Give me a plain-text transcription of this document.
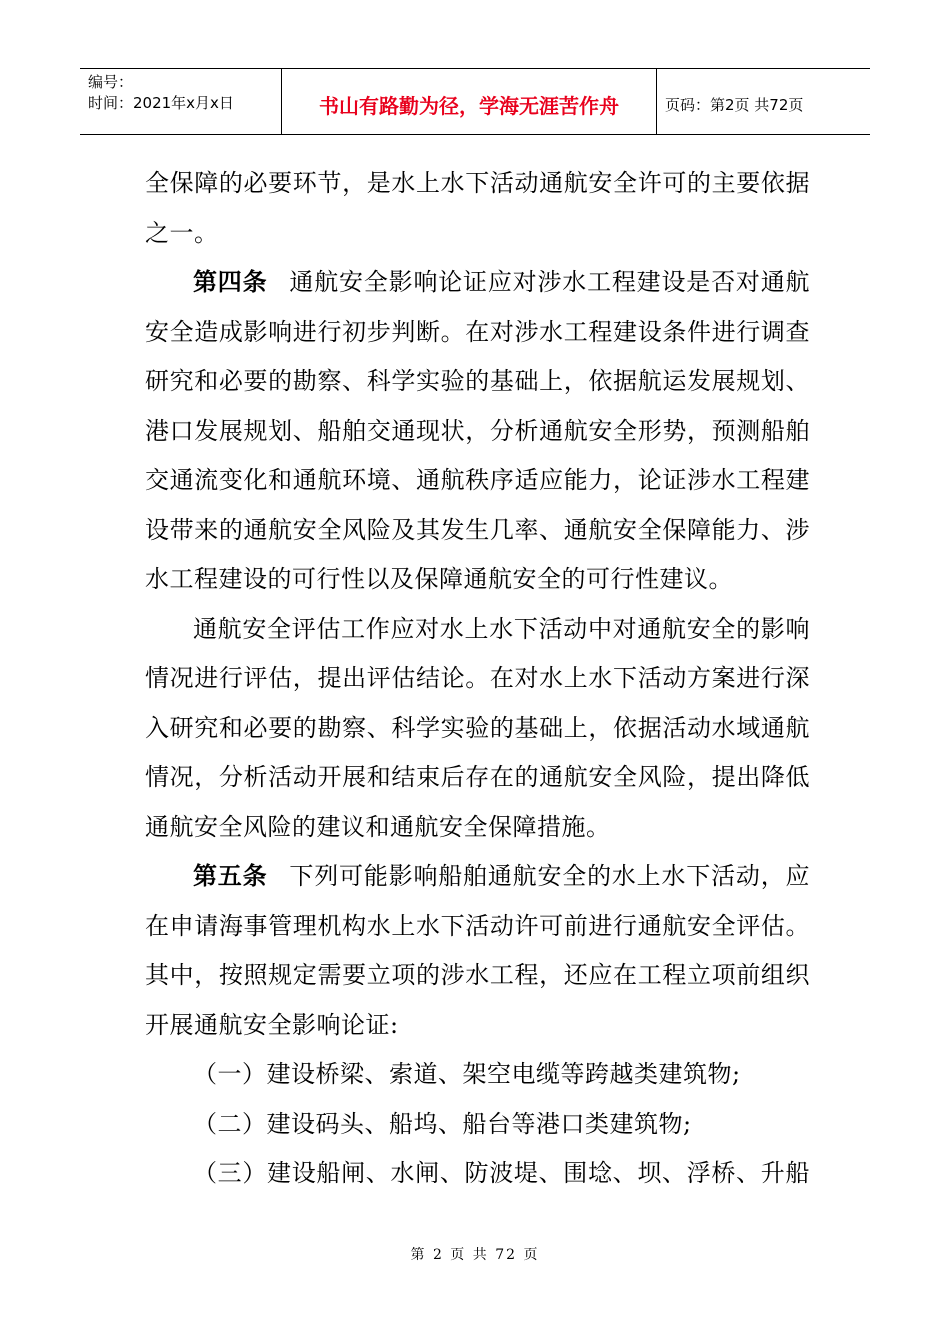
编号：
时间：2021年x月x日	书山有路勤为径，学海无涯苦作舟	页码：第2页 共72页
全保障的必要环节，是水上水下活动通航安全许可的主要依据
之一。
第四条 通航安全影响论证应对涉水工程建设是否对通航
安全造成影响进行初步判断。在对涉水工程建设条件进行调查
研究和必要的勘察、科学实验的基础上，依据航运发展规划、
港口发展规划、船舶交通现状，分析通航安全形势，预测船舶
交通流变化和通航环境、通航秩序适应能力，论证涉水工程建
设带来的通航安全风险及其发生几率、通航安全保障能力、涉
水工程建设的可行性以及保障通航安全的可行性建议。
通航安全评估工作应对水上水下活动中对通航安全的影响
情况进行评估，提出评估结论。在对水上水下活动方案进行深
入研究和必要的勘察、科学实验的基础上，依据活动水域通航
情况，分析活动开展和结束后存在的通航安全风险，提出降低
通航安全风险的建议和通航安全保障措施。
第五条 下列可能影响船舶通航安全的水上水下活动，应
在申请海事管理机构水上水下活动许可前进行通航安全评估。
其中，按照规定需要立项的涉水工程，还应在工程立项前组织
开展通航安全影响论证:
（一）建设桥梁、索道、架空电缆等跨越类建筑物;
（二）建设码头、船坞、船台等港口类建筑物;
（三）建设船闸、水闸、防波堤、围埝、坝、浮桥、升船
第 2 页 共 72 页
